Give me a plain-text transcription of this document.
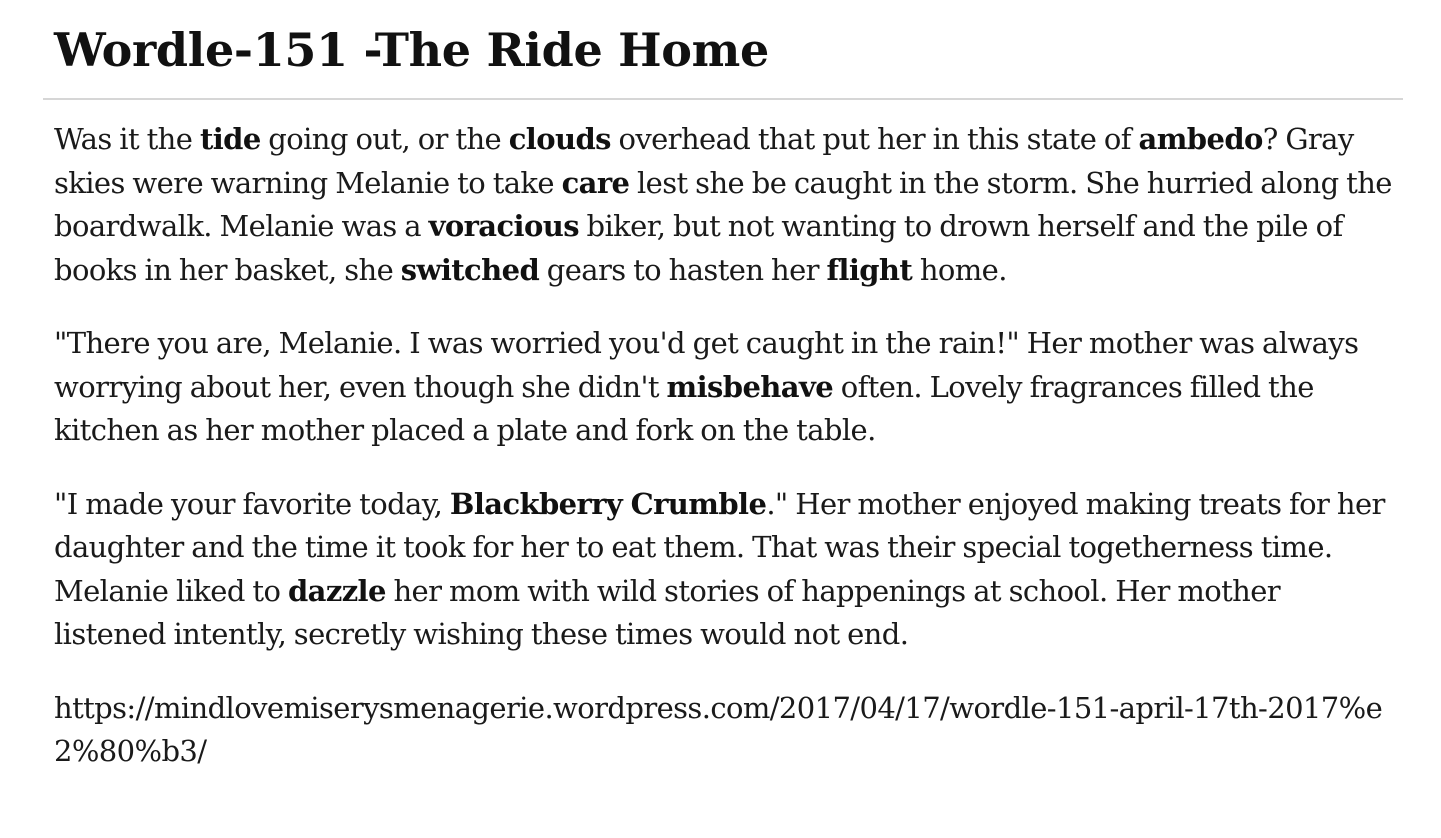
Wordle-151 -The Ride Home

Was it the tide going out, or the clouds overhead that put her in this state of ambedo? Gray skies were warning Melanie to take care lest she be caught in the storm. She hurried along the boardwalk. Melanie was a voracious biker, but not wanting to drown herself and the pile of books in her basket, she switched gears to hasten her flight home.

"There you are, Melanie. I was worried you'd get caught in the rain!" Her mother was always worrying about her, even though she didn't misbehave often. Lovely fragrances filled the kitchen as her mother placed a plate and fork on the table.

"I made your favorite today, Blackberry Crumble." Her mother enjoyed making treats for her daughter and the time it took for her to eat them. That was their special togetherness time. Melanie liked to dazzle her mom with wild stories of happenings at school. Her mother listened intently, secretly wishing these times would not end.

https://mindlovemiserysmenagerie.wordpress.com/2017/04/17/wordle-151-april-17th-2017%e2%80%b3/
